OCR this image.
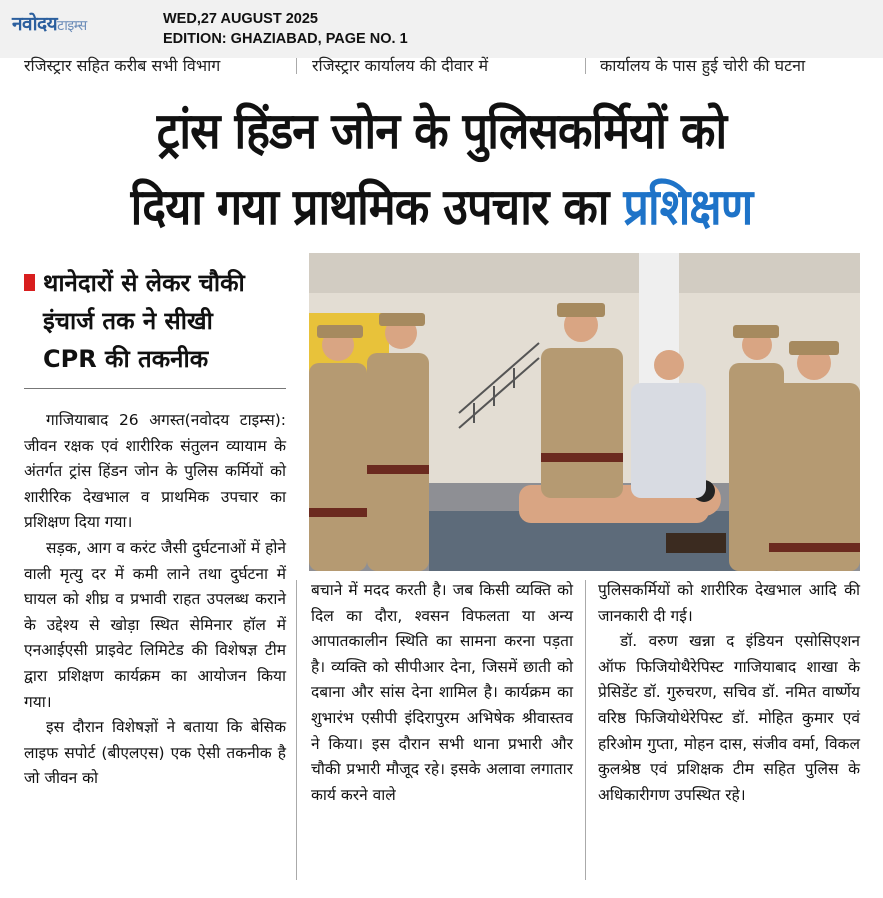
नवोदयटाइम्स	WED,27 AUGUST 2025
EDITION: GHAZIABAD, PAGE NO. 1
रजिस्ट्रार सहित करीब सभी विभाग	रजिस्ट्रार कार्यालय की दीवार में	कार्यालय के पास हुई चोरी की घटना
ट्रांस हिंडन जोन के पुलिसकर्मियों को
दिया गया प्राथमिक उपचार का प्रशिक्षण
थानेदारों से लेकर चौकी
इंचार्ज तक ने सीखी
CPR की तकनीक

गाजियाबाद 26 अगस्त(नवोदय टाइम्स): जीवन रक्षक एवं शारीरिक संतुलन व्यायाम के अंतर्गत ट्रांस हिंडन जोन के पुलिस कर्मियों को शारीरिक देखभाल व प्राथमिक उपचार का प्रशिक्षण दिया गया।

सड़क, आग व करंट जैसी दुर्घटनाओं में होने वाली मृत्यु दर में कमी लाने तथा दुर्घटना में घायल को शीघ्र व प्रभावी राहत उपलब्ध कराने के उद्देश्य से खोड़ा स्थित सेमिनार हॉल में एनआईएसी प्राइवेट लिमिटेड की विशेषज्ञ टीम द्वारा प्रशिक्षण कार्यक्रम का आयोजन किया गया।

इस दौरान विशेषज्ञों ने बताया कि बेसिक लाइफ सपोर्ट (बीएलएस) एक ऐसी तकनीक है जो जीवन को

बचाने में मदद करती है। जब किसी व्यक्ति को दिल का दौरा, श्वसन विफलता या अन्य आपातकालीन स्थिति का सामना करना पड़ता है। व्यक्ति को सीपीआर देना, जिसमें छाती को दबाना और सांस देना शामिल है। कार्यक्रम का शुभारंभ एसीपी इंदिरापुरम अभिषेक श्रीवास्तव ने किया। इस दौरान सभी थाना प्रभारी और चौकी प्रभारी मौजूद रहे। इसके अलावा लगातार कार्य करने वाले

पुलिसकर्मियों को शारीरिक देखभाल आदि की जानकारी दी गई।

डॉ. वरुण खन्ना द इंडियन एसोसिएशन ऑफ फिजियोथैरेपिस्ट गाजियाबाद शाखा के प्रेसिडेंट डॉ. गुरुचरण, सचिव डॉ. नमित वार्ष्णेय वरिष्ठ फिजियोथेरेपिस्ट डॉ. मोहित कुमार एवं हरिओम गुप्ता, मोहन दास, संजीव वर्मा, विकल कुलश्रेष्ठ एवं प्रशिक्षक टीम सहित पुलिस के अधिकारीगण उपस्थित रहे।
